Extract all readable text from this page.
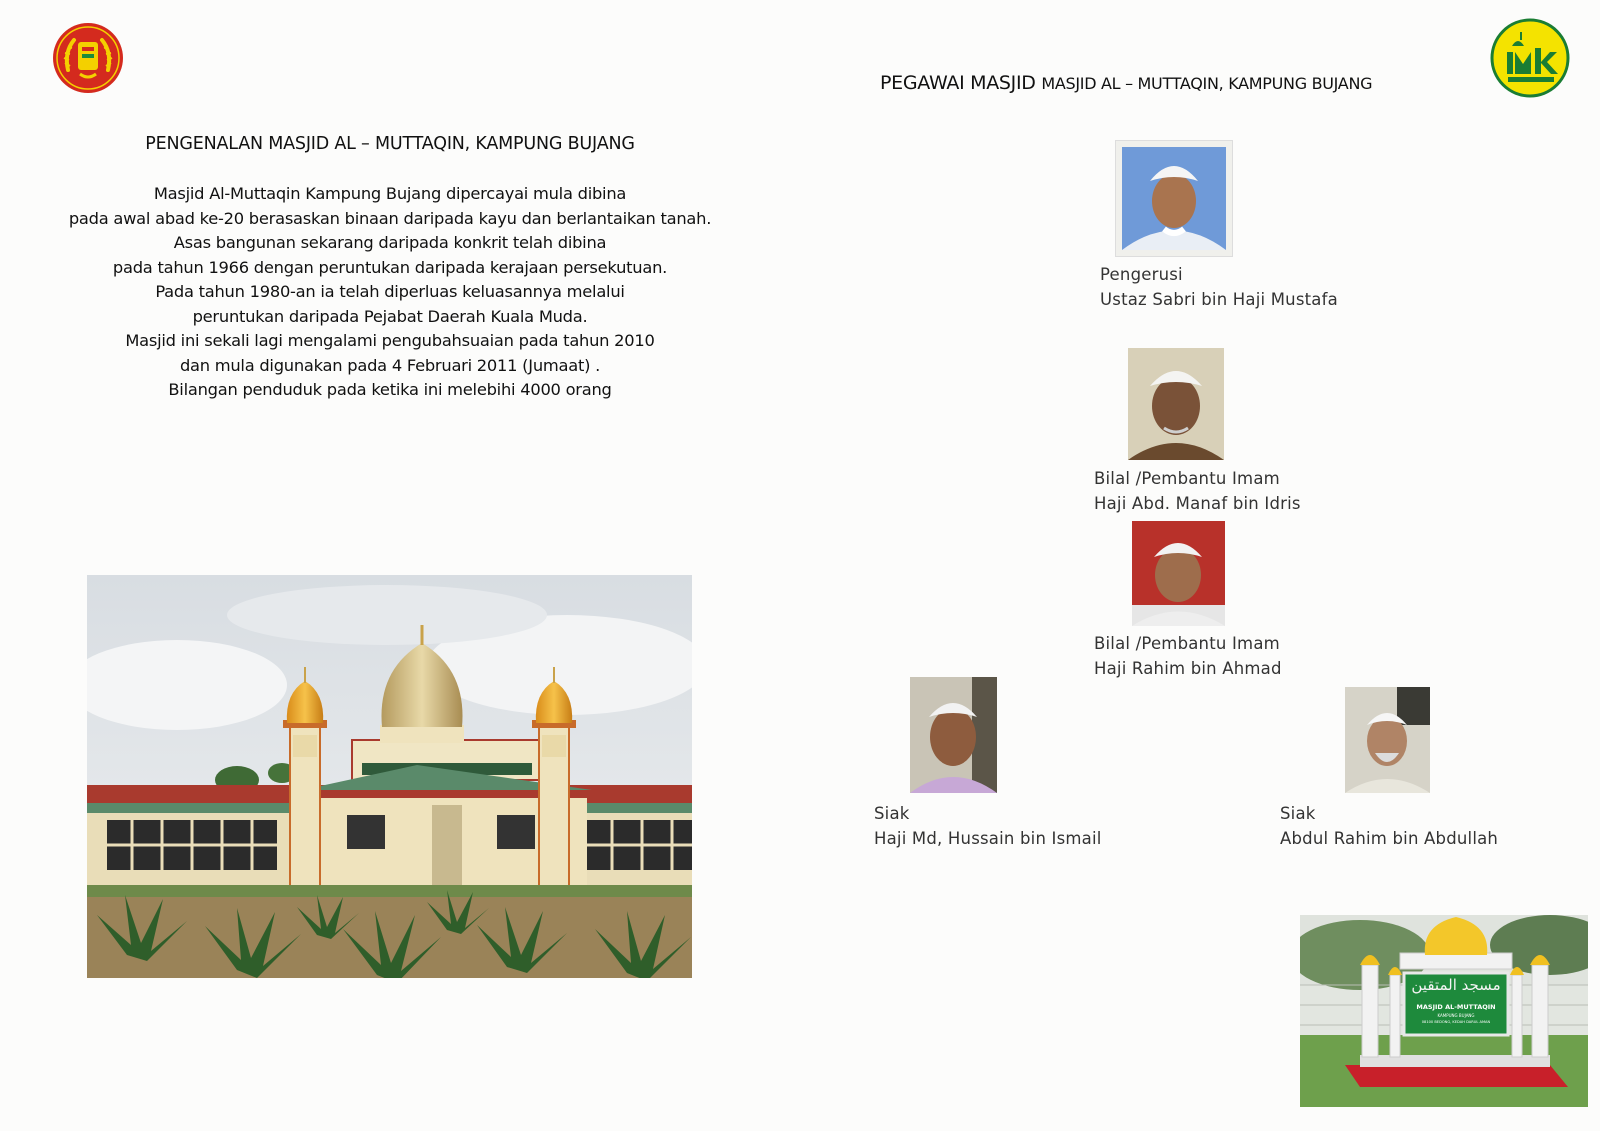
PENGENALAN MASJID AL – MUTTAQIN, KAMPUNG BUJANG
Masjid Al-Muttaqin Kampung Bujang dipercayai mula dibina
pada awal abad ke-20 berasaskan binaan daripada kayu dan berlantaikan tanah.
Asas bangunan sekarang daripada konkrit telah dibina
pada tahun 1966 dengan peruntukan daripada kerajaan persekutuan.
Pada tahun 1980-an ia telah diperluas keluasannya melalui
peruntukan daripada Pejabat Daerah Kuala Muda.
Masjid ini sekali lagi mengalami pengubahsuaian pada tahun 2010
dan mula digunakan pada 4 Februari 2011 (Jumaat) .
Bilangan penduduk pada ketika ini melebihi 4000 orang
PEGAWAI MASJID MASJID AL – MUTTAQIN, KAMPUNG BUJANG
Pengerusi
Ustaz Sabri bin Haji Mustafa
Bilal /Pembantu Imam
Haji Abd. Manaf bin Idris
Bilal /Pembantu Imam
Haji Rahim bin Ahmad
Siak
Haji Md, Hussain bin Ismail
Siak
Abdul Rahim bin Abdullah
مسجد المتقين
MASJID AL-MUTTAQIN
KAMPUNG BUJANG
08100 BEDONG, KEDAH DARUL AMAN
